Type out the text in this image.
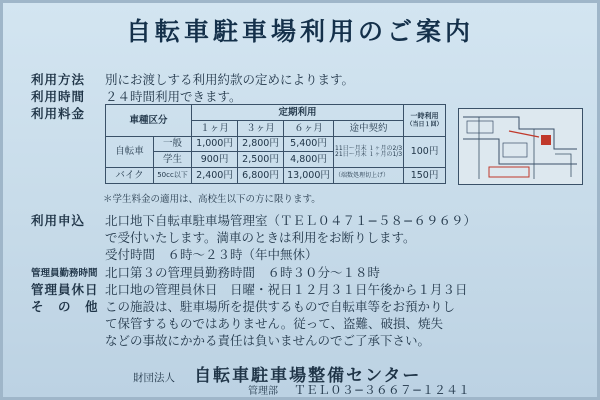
自転車駐車場利用のご案内
利用方法 別にお渡しする利用約款の定めによります。
利用時間 ２４時間利用できます。
利用料金	車種区分		定期利用				一時利用
（当日１回）
		１ヶ月	３ヶ月	６ヶ月	途中契約	
自転車	一般	1,000円	2,800円	5,400円	11日〜月末 １ヶ月の2/3
21日〜月末 １ヶ月の1/3	100円
	学生	900円	2,500円	4,800円		
バイク	50cc以下	2,400円	6,800円	13,000円	（端数処理切上げ）	150円
＊学生料金の適用は、高校生以下の方に限ります。
利用申込 北口地下自転車駐車場管理室（ＴＥＬ０４７１−５８−６９６９）
で受付いたします。満車のときは利用をお断りします。
受付時間　６時〜２３時（年中無休）
管理員勤務時間 北口第３の管理員勤務時間　６時３０分〜１８時
管理員休日 北口地の管理員休日　日曜・祝日１２月３１日午後から１月３日
そ　の　他 この施設は、駐車場所を提供するもので自転車等をお預かりし
て保管するものではありません。従って、盗難、破損、焼失
などの事故にかかる責任は負いませんのでご了承下さい。
財団法人 自転車駐車場整備センター
管理部 ＴＥＬ０３−３６６７−１２４１
